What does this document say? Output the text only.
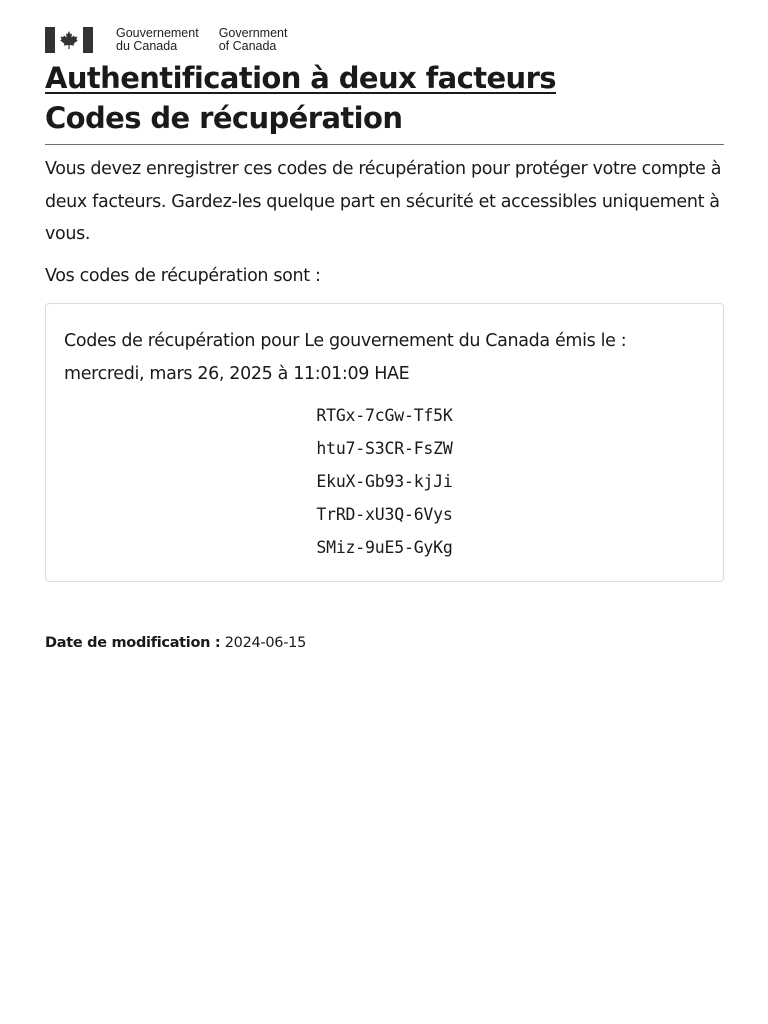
Gouvernement
du Canada
Government
of Canada
Authentification à deux facteurs
Codes de récupération

Vous devez enregistrer ces codes de récupération pour protéger votre compte à deux facteurs. Gardez-les quelque part en sécurité et accessibles uniquement à vous.

Vos codes de récupération sont :

Codes de récupération pour Le gouvernement du Canada émis le :
mercredi, mars 26, 2025 à 11:01:09 HAE

RTGx-7cGw-Tf5K
htu7-S3CR-FsZW
EkuX-Gb93-kjJi
TrRD-xU3Q-6Vys
SMiz-9uE5-GyKg

Date de modification : 2024-06-15
